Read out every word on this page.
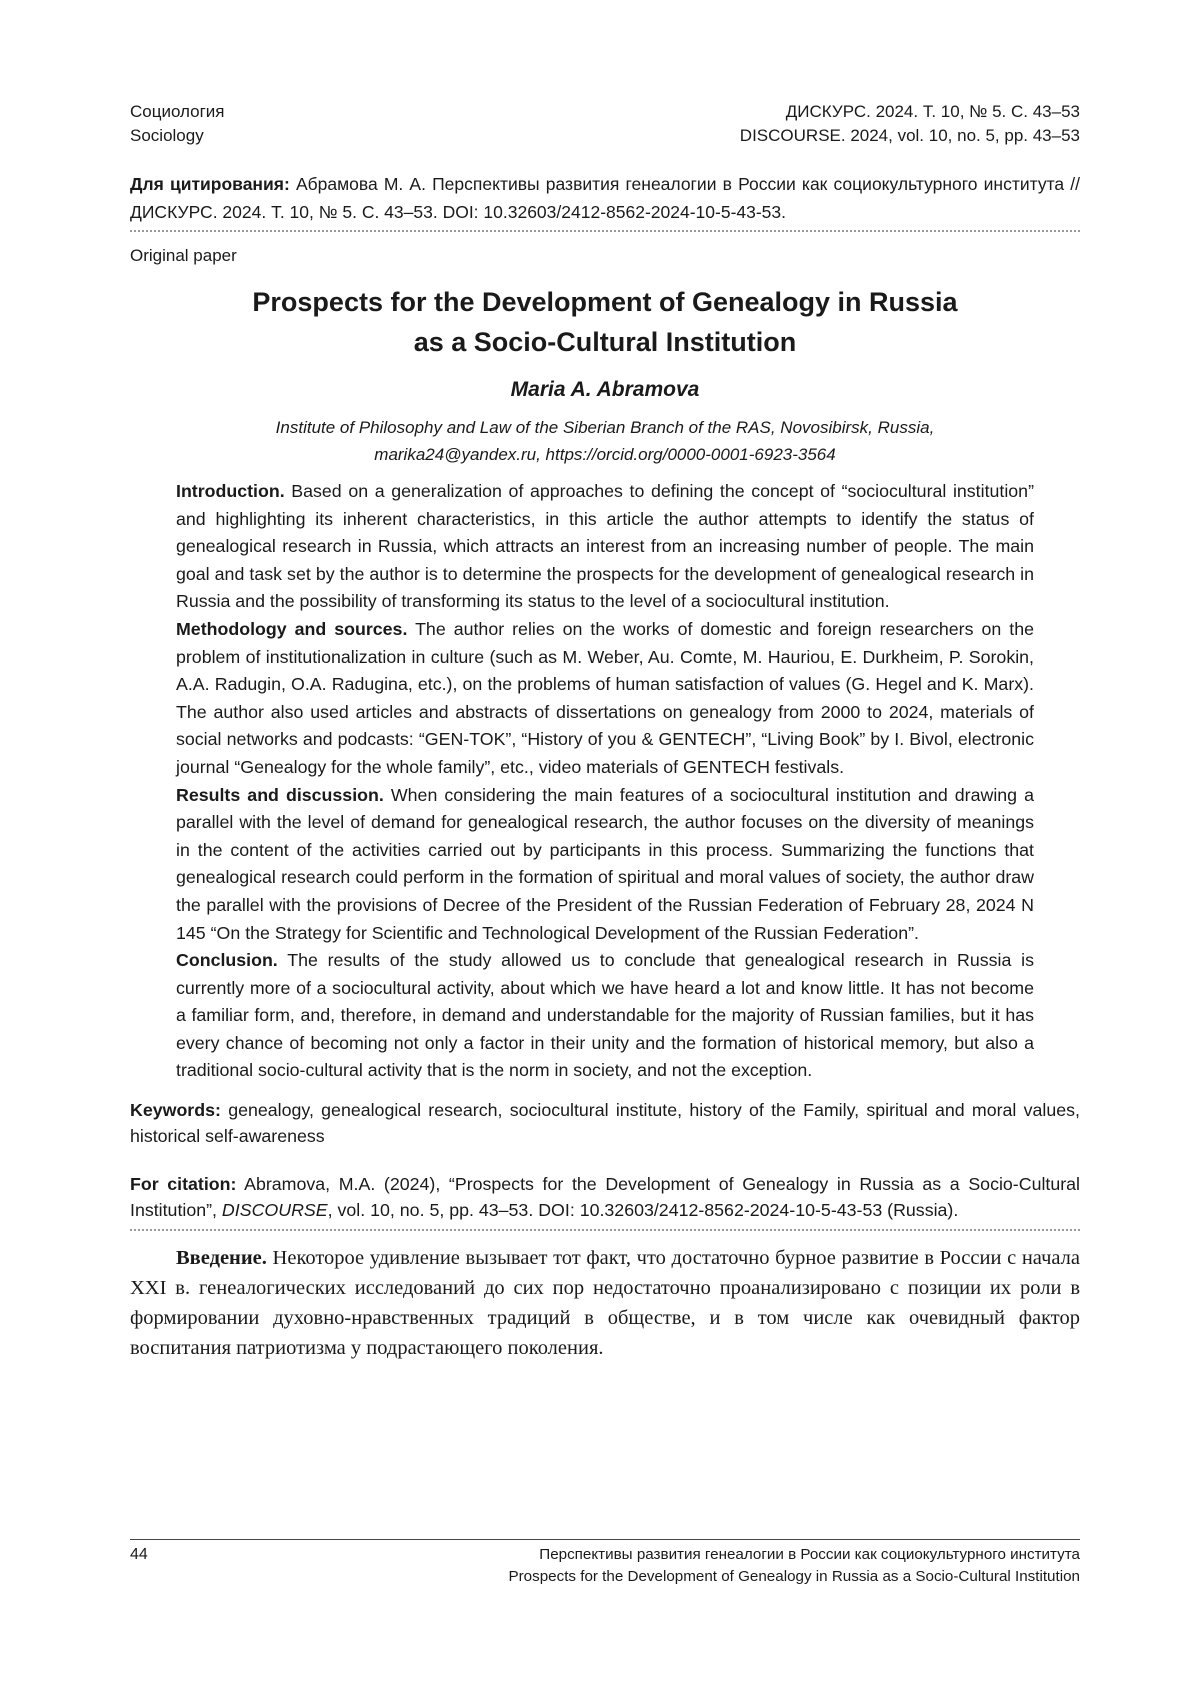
Социология	ДИСКУРС. 2024. Т. 10, № 5. С. 43–53
Sociology	DISCOURSE. 2024, vol. 10, no. 5, pp. 43–53
Для цитирования: Абрамова М. А. Перспективы развития генеалогии в России как социокультурного института // ДИСКУРС. 2024. Т. 10, № 5. С. 43–53. DOI: 10.32603/2412-8562-2024-10-5-43-53.
Original paper
Prospects for the Development of Genealogy in Russia
as a Socio-Cultural Institution
Maria A. Abramova
Institute of Philosophy and Law of the Siberian Branch of the RAS, Novosibirsk, Russia,
marika24@yandex.ru, https://orcid.org/0000-0001-6923-3564

Introduction. Based on a generalization of approaches to defining the concept of “sociocultural institution” and highlighting its inherent characteristics, in this article the author attempts to identify the status of genealogical research in Russia, which attracts an interest from an increasing number of people. The main goal and task set by the author is to determine the prospects for the development of genealogical research in Russia and the possibility of transforming its status to the level of a sociocultural institution.

Methodology and sources. The author relies on the works of domestic and foreign researchers on the problem of institutionalization in culture (such as M. Weber, Au. Comte, M. Hauriou, E. Durkheim, P. Sorokin, A.A. Radugin, O.A. Radugina, etc.), on the problems of human satisfaction of values (G. Hegel and K. Marx). The author also used articles and abstracts of dissertations on genealogy from 2000 to 2024, materials of social networks and podcasts: “GEN-TOK”, “History of you & GENTECH”, “Living Book” by I. Bivol, electronic journal “Genealogy for the whole family”, etc., video materials of GENTECH festivals.

Results and discussion. When considering the main features of a sociocultural institution and drawing a parallel with the level of demand for genealogical research, the author focuses on the diversity of meanings in the content of the activities carried out by participants in this process. Summarizing the functions that genealogical research could perform in the formation of spiritual and moral values of society, the author draw the parallel with the provisions of Decree of the President of the Russian Federation of February 28, 2024 N 145 “On the Strategy for Scientific and Technological Development of the Russian Federation”.

Conclusion. The results of the study allowed us to conclude that genealogical research in Russia is currently more of a sociocultural activity, about which we have heard a lot and know little. It has not become a familiar form, and, therefore, in demand and understandable for the majority of Russian families, but it has every chance of becoming not only a factor in their unity and the formation of historical memory, but also a traditional socio-cultural activity that is the norm in society, and not the exception.

Keywords: genealogy, genealogical research, sociocultural institute, history of the Family, spiritual and moral values, historical self-awareness
For citation: Abramova, M.A. (2024), “Prospects for the Development of Genealogy in Russia as a Socio-Cultural Institution”, DISCOURSE, vol. 10, no. 5, pp. 43–53. DOI: 10.32603/2412-8562-2024-10-5-43-53 (Russia).
Введение. Некоторое удивление вызывает тот факт, что достаточно бурное развитие в России с начала XXI в. генеалогических исследований до сих пор недостаточно проанализировано с позиции их роли в формировании духовно-нравственных традиций в обществе, и в том числе как очевидный фактор воспитания патриотизма у подрастающего поколения.
44	Перспективы развития генеалогии в России как социокультурного института
Prospects for the Development of Genealogy in Russia as a Socio-Cultural Institution
